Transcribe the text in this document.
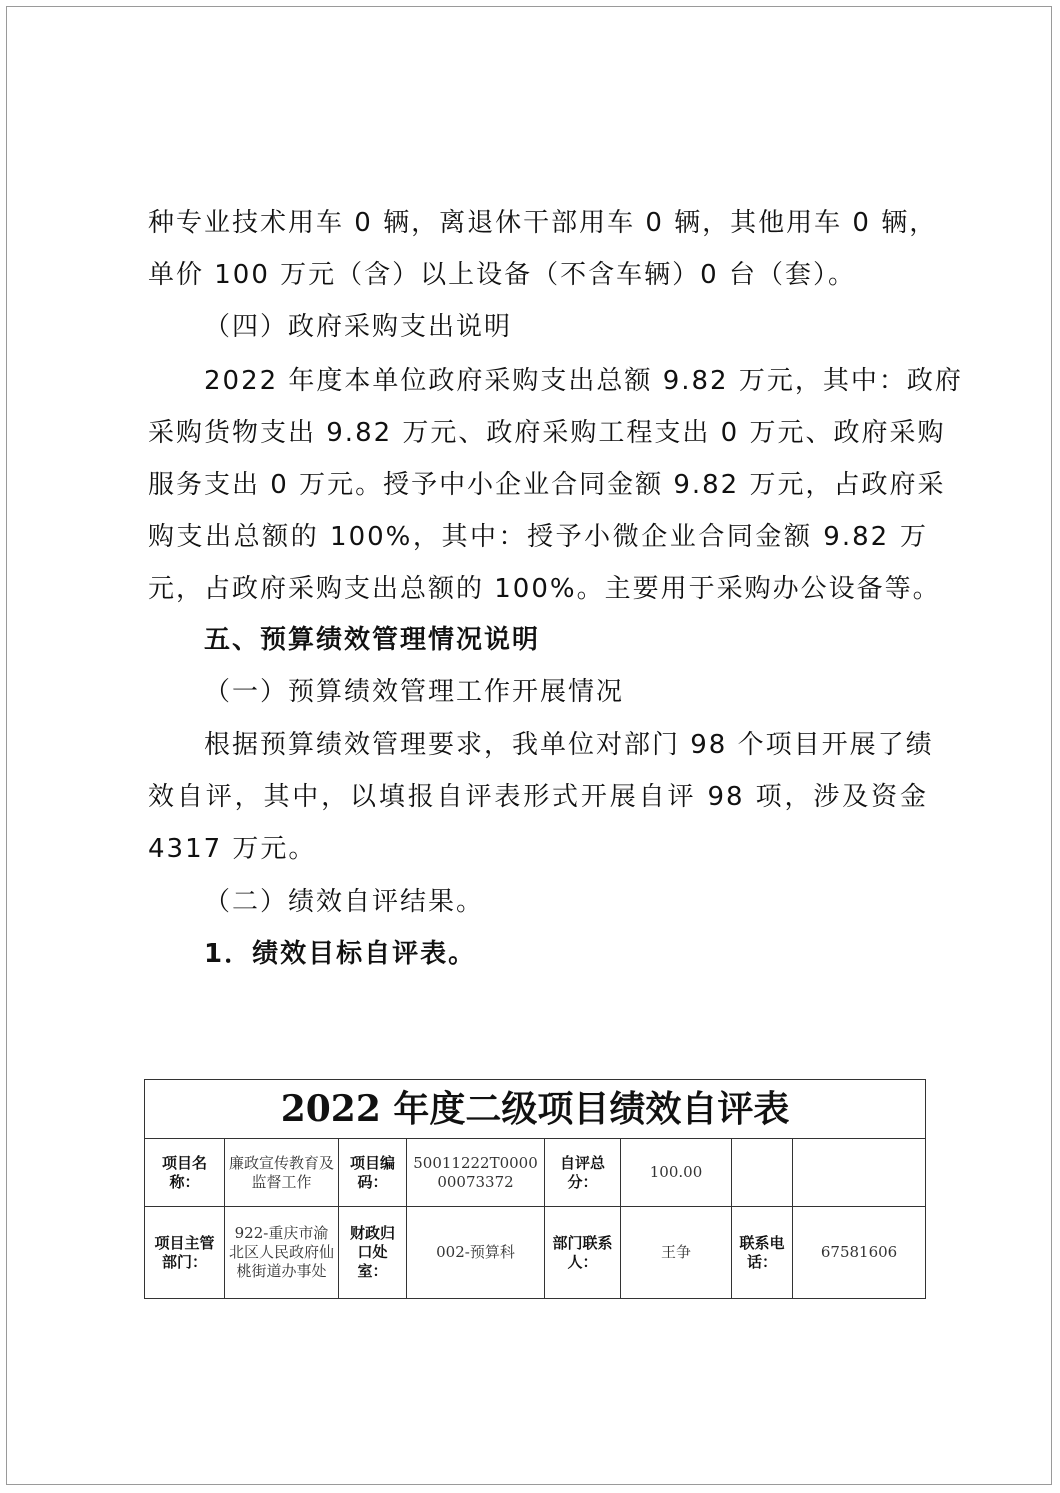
种专业技术用车 0 辆，离退休干部用车 0 辆，其他用车 0 辆，
单价 100 万元（含）以上设备（不含车辆）0 台（套）。
（四）政府采购支出说明
2022 年度本单位政府采购支出总额 9.82 万元，其中：政府
采购货物支出 9.82 万元、政府采购工程支出 0 万元、政府采购
服务支出 0 万元。授予中小企业合同金额 9.82 万元，占政府采
购支出总额的 100%，其中：授予小微企业合同金额 9.82 万
元，占政府采购支出总额的 100%。主要用于采购办公设备等。
五、预算绩效管理情况说明
（一）预算绩效管理工作开展情况
根据预算绩效管理要求，我单位对部门 98 个项目开展了绩
效自评，其中，以填报自评表形式开展自评 98 项，涉及资金
4317 万元。
（二）绩效自评结果。
1．绩效目标自评表。
2022 年度二级项目绩效自评表							
项目名称：	廉政宣传教育及监督工作	项目编码：	50011222T000000073372	自评总分：	100.00		
项目主管部门：	922-重庆市渝北区人民政府仙桃街道办事处	财政归口处室：	002-预算科	部门联系人：	王争	联系电话：	67581606
